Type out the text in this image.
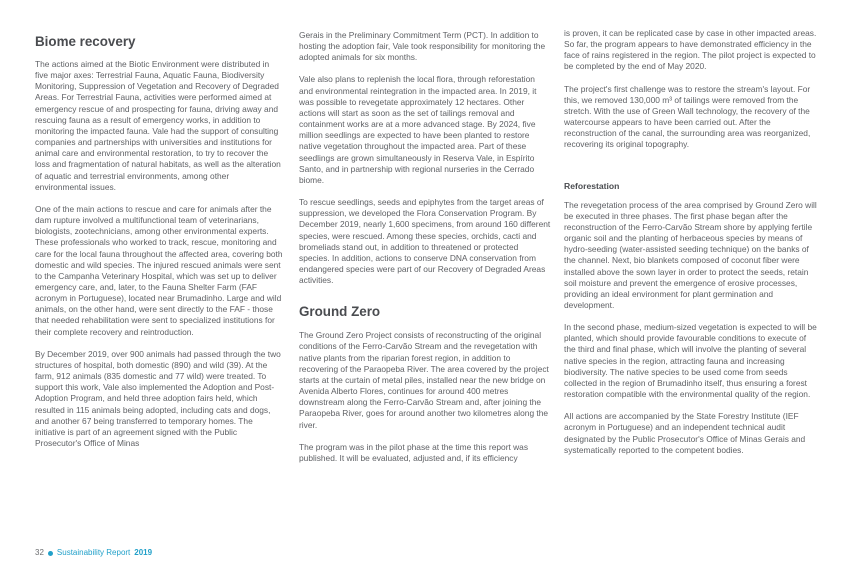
Biome recovery

The actions aimed at the Biotic Environment were distributed in five major axes: Terrestrial Fauna, Aquatic Fauna, Biodiversity Monitoring, Suppression of Vegetation and Recovery of Degraded Areas. For Terrestrial Fauna, activities were performed aimed at emergency rescue of and prospecting for fauna, driving away and rescuing fauna as a result of emergency works, in addition to monitoring the impacted fauna. Vale had the support of consulting companies and partnerships with universities and institutions for animal care and environmental restoration, to try to recover the loss and fragmentation of natural habitats, as well as the alteration of aquatic and terrestrial environments, among other environmental issues.

One of the main actions to rescue and care for animals after the dam rupture involved a multifunctional team of veterinarians, biologists, zootechnicians, among other environmental experts. These professionals who worked to track, rescue, monitoring and care for the local fauna throughout the affected area, covering both domestic and wild species. The injured rescued animals were sent to the Campanha Veterinary Hospital, which was set up to deliver emergency care, and, later, to the Fauna Shelter Farm (FAF acronym in Portuguese), located near Brumadinho. Large and wild animals, on the other hand, were sent directly to the FAF - those that needed rehabilitation were sent to specialized institutions for their complete recovery and reintroduction.

By December 2019, over 900 animals had passed through the two structures of hospital, both domestic (890) and wild (39). At the farm, 912 animals (835 domestic and 77 wild) were treated. To support this work, Vale also implemented the Adoption and Post-Adoption Program, and held three adoption fairs held, which resulted in 115 animals being adopted, including cats and dogs, and another 67 being transferred to temporary homes. The initiative is part of an agreement signed with the Public Prosecutor's Office of Minas

Gerais in the Preliminary Commitment Term (PCT). In addition to hosting the adoption fair, Vale took responsibility for monitoring the adopted animals for six months.

Vale also plans to replenish the local flora, through reforestation and environmental reintegration in the impacted area. In 2019, it was possible to revegetate approximately 12 hectares. Other actions will start as soon as the set of tailings removal and containment works are at a more advanced stage. By 2024, five million seedlings are expected to have been planted to restore native vegetation throughout the impacted area. Part of these seedlings are grown simultaneously in Reserva Vale, in Espírito Santo, and in partnership with regional nurseries in the Cerrado biome.

To rescue seedlings, seeds and epiphytes from the target areas of suppression, we developed the Flora Conservation Program. By December 2019, nearly 1,600 specimens, from around 160 different species, were rescued. Among these species, orchids, cacti and bromeliads stand out, in addition to threatened or protected species. In addition, actions to conserve DNA conservation from endangered species were part of our Recovery of Degraded Areas activities.

Ground Zero

The Ground Zero Project consists of reconstructing of the original conditions of the Ferro-Carvão Stream and the revegetation with native plants from the riparian forest region, in addition to recovering of the Paraopeba River. The area covered by the project starts at the curtain of metal piles, installed near the new bridge on Avenida Alberto Flores, continues for around 400 metres downstream along the Ferro-Carvão Stream and, after joining the Paraopeba River, goes for around another two kilometres along the river.

The program was in the pilot phase at the time this report was published. It will be evaluated, adjusted and, if its efficiency

is proven, it can be replicated case by case in other impacted areas. So far, the program appears to have demonstrated efficiency in the face of rains registered in the region. The pilot project is expected to be completed by the end of May 2020.

The project's first challenge was to restore the stream's layout. For this, we removed 130,000 m³ of tailings were removed from the stretch. With the use of Green Wall technology, the recovery of the watercourse appears to have been carried out. After the reconstruction of the canal, the surrounding area was reorganized, recovering its original topography.

Reforestation

The revegetation process of the area comprised by Ground Zero will be executed in three phases. The first phase began after the reconstruction of the Ferro-Carvão Stream shore by applying fertile organic soil and the planting of herbaceous species by means of hydro-seeding (water-assisted seeding technique) on the banks of the channel. Next, bio blankets composed of coconut fiber were installed above the sown layer in order to protect the seeds, retain soil moisture and prevent the emergence of erosive processes, providing an ideal environment for plant germination and development.

In the second phase, medium-sized vegetation is expected to will be planted, which should provide favourable conditions to execute of the third and final phase, which will involve the planting of several native species in the region, attracting fauna and increasing biodiversity. The native species to be used come from seeds collected in the region of Brumadinho itself, thus ensuring a forest restoration compatible with the environmental quality of the region.

All actions are accompanied by the State Forestry Institute (IEF acronym in Portuguese) and an independent technical audit designated by the Public Prosecutor's Office of Minas Gerais and systematically reported to the competent bodies.

32 Sustainability Report 2019
